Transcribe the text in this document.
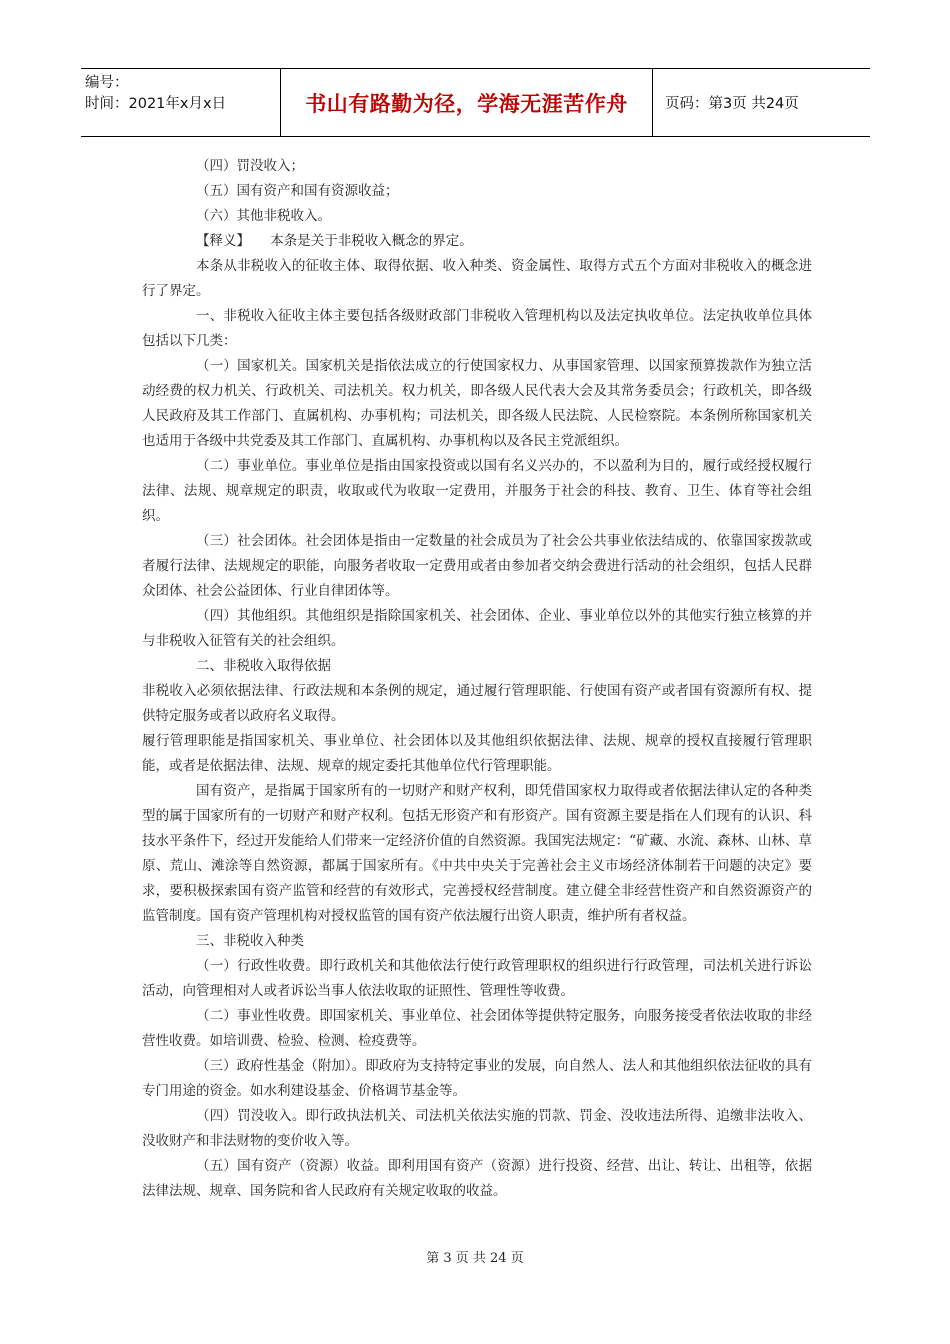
编号：
时间：2021年x月x日	书山有路勤为径，学海无涯苦作舟	页码：第3页 共24页

（四）罚没收入；

（五）国有资产和国有资源收益；

（六）其他非税收入。

【释义】　　本条是关于非税收入概念的界定。

本条从非税收入的征收主体、取得依据、收入种类、资金属性、取得方式五个方面对非税收入的概念进行了界定。

一、非税收入征收主体主要包括各级财政部门非税收入管理机构以及法定执收单位。法定执收单位具体包括以下几类：

（一）国家机关。国家机关是指依法成立的行使国家权力、从事国家管理、以国家预算拨款作为独立活动经费的权力机关、行政机关、司法机关。权力机关，即各级人民代表大会及其常务委员会；行政机关，即各级人民政府及其工作部门、直属机构、办事机构；司法机关，即各级人民法院、人民检察院。本条例所称国家机关也适用于各级中共党委及其工作部门、直属机构、办事机构以及各民主党派组织。

（二）事业单位。事业单位是指由国家投资或以国有名义兴办的，不以盈利为目的，履行或经授权履行法律、法规、规章规定的职责，收取或代为收取一定费用，并服务于社会的科技、教育、卫生、体育等社会组织。

（三）社会团体。社会团体是指由一定数量的社会成员为了社会公共事业依法结成的、依靠国家拨款或者履行法律、法规规定的职能，向服务者收取一定费用或者由参加者交纳会费进行活动的社会组织，包括人民群众团体、社会公益团体、行业自律团体等。

（四）其他组织。其他组织是指除国家机关、社会团体、企业、事业单位以外的其他实行独立核算的并与非税收入征管有关的社会组织。

二、非税收入取得依据

非税收入必须依据法律、行政法规和本条例的规定，通过履行管理职能、行使国有资产或者国有资源所有权、提供特定服务或者以政府名义取得。

履行管理职能是指国家机关、事业单位、社会团体以及其他组织依据法律、法规、规章的授权直接履行管理职能，或者是依据法律、法规、规章的规定委托其他单位代行管理职能。

国有资产，是指属于国家所有的一切财产和财产权利，即凭借国家权力取得或者依据法律认定的各种类型的属于国家所有的一切财产和财产权利。包括无形资产和有形资产。国有资源主要是指在人们现有的认识、科技水平条件下，经过开发能给人们带来一定经济价值的自然资源。我国宪法规定：“矿藏、水流、森林、山林、草原、荒山、滩涂等自然资源，都属于国家所有。《中共中央关于完善社会主义市场经济体制若干问题的决定》要求，要积极探索国有资产监管和经营的有效形式，完善授权经营制度。建立健全非经营性资产和自然资源资产的监管制度。国有资产管理机构对授权监管的国有资产依法履行出资人职责，维护所有者权益。

三、非税收入种类

（一）行政性收费。即行政机关和其他依法行使行政管理职权的组织进行行政管理，司法机关进行诉讼活动，向管理相对人或者诉讼当事人依法收取的证照性、管理性等收费。

（二）事业性收费。即国家机关、事业单位、社会团体等提供特定服务，向服务接受者依法收取的非经营性收费。如培训费、检验、检测、检疫费等。

（三）政府性基金（附加）。即政府为支持特定事业的发展，向自然人、法人和其他组织依法征收的具有专门用途的资金。如水利建设基金、价格调节基金等。

（四）罚没收入。即行政执法机关、司法机关依法实施的罚款、罚金、没收违法所得、追缴非法收入、没收财产和非法财物的变价收入等。

（五）国有资产（资源）收益。即利用国有资产（资源）进行投资、经营、出让、转让、出租等，依据法律法规、规章、国务院和省人民政府有关规定收取的收益。

第 3 页 共 24 页
